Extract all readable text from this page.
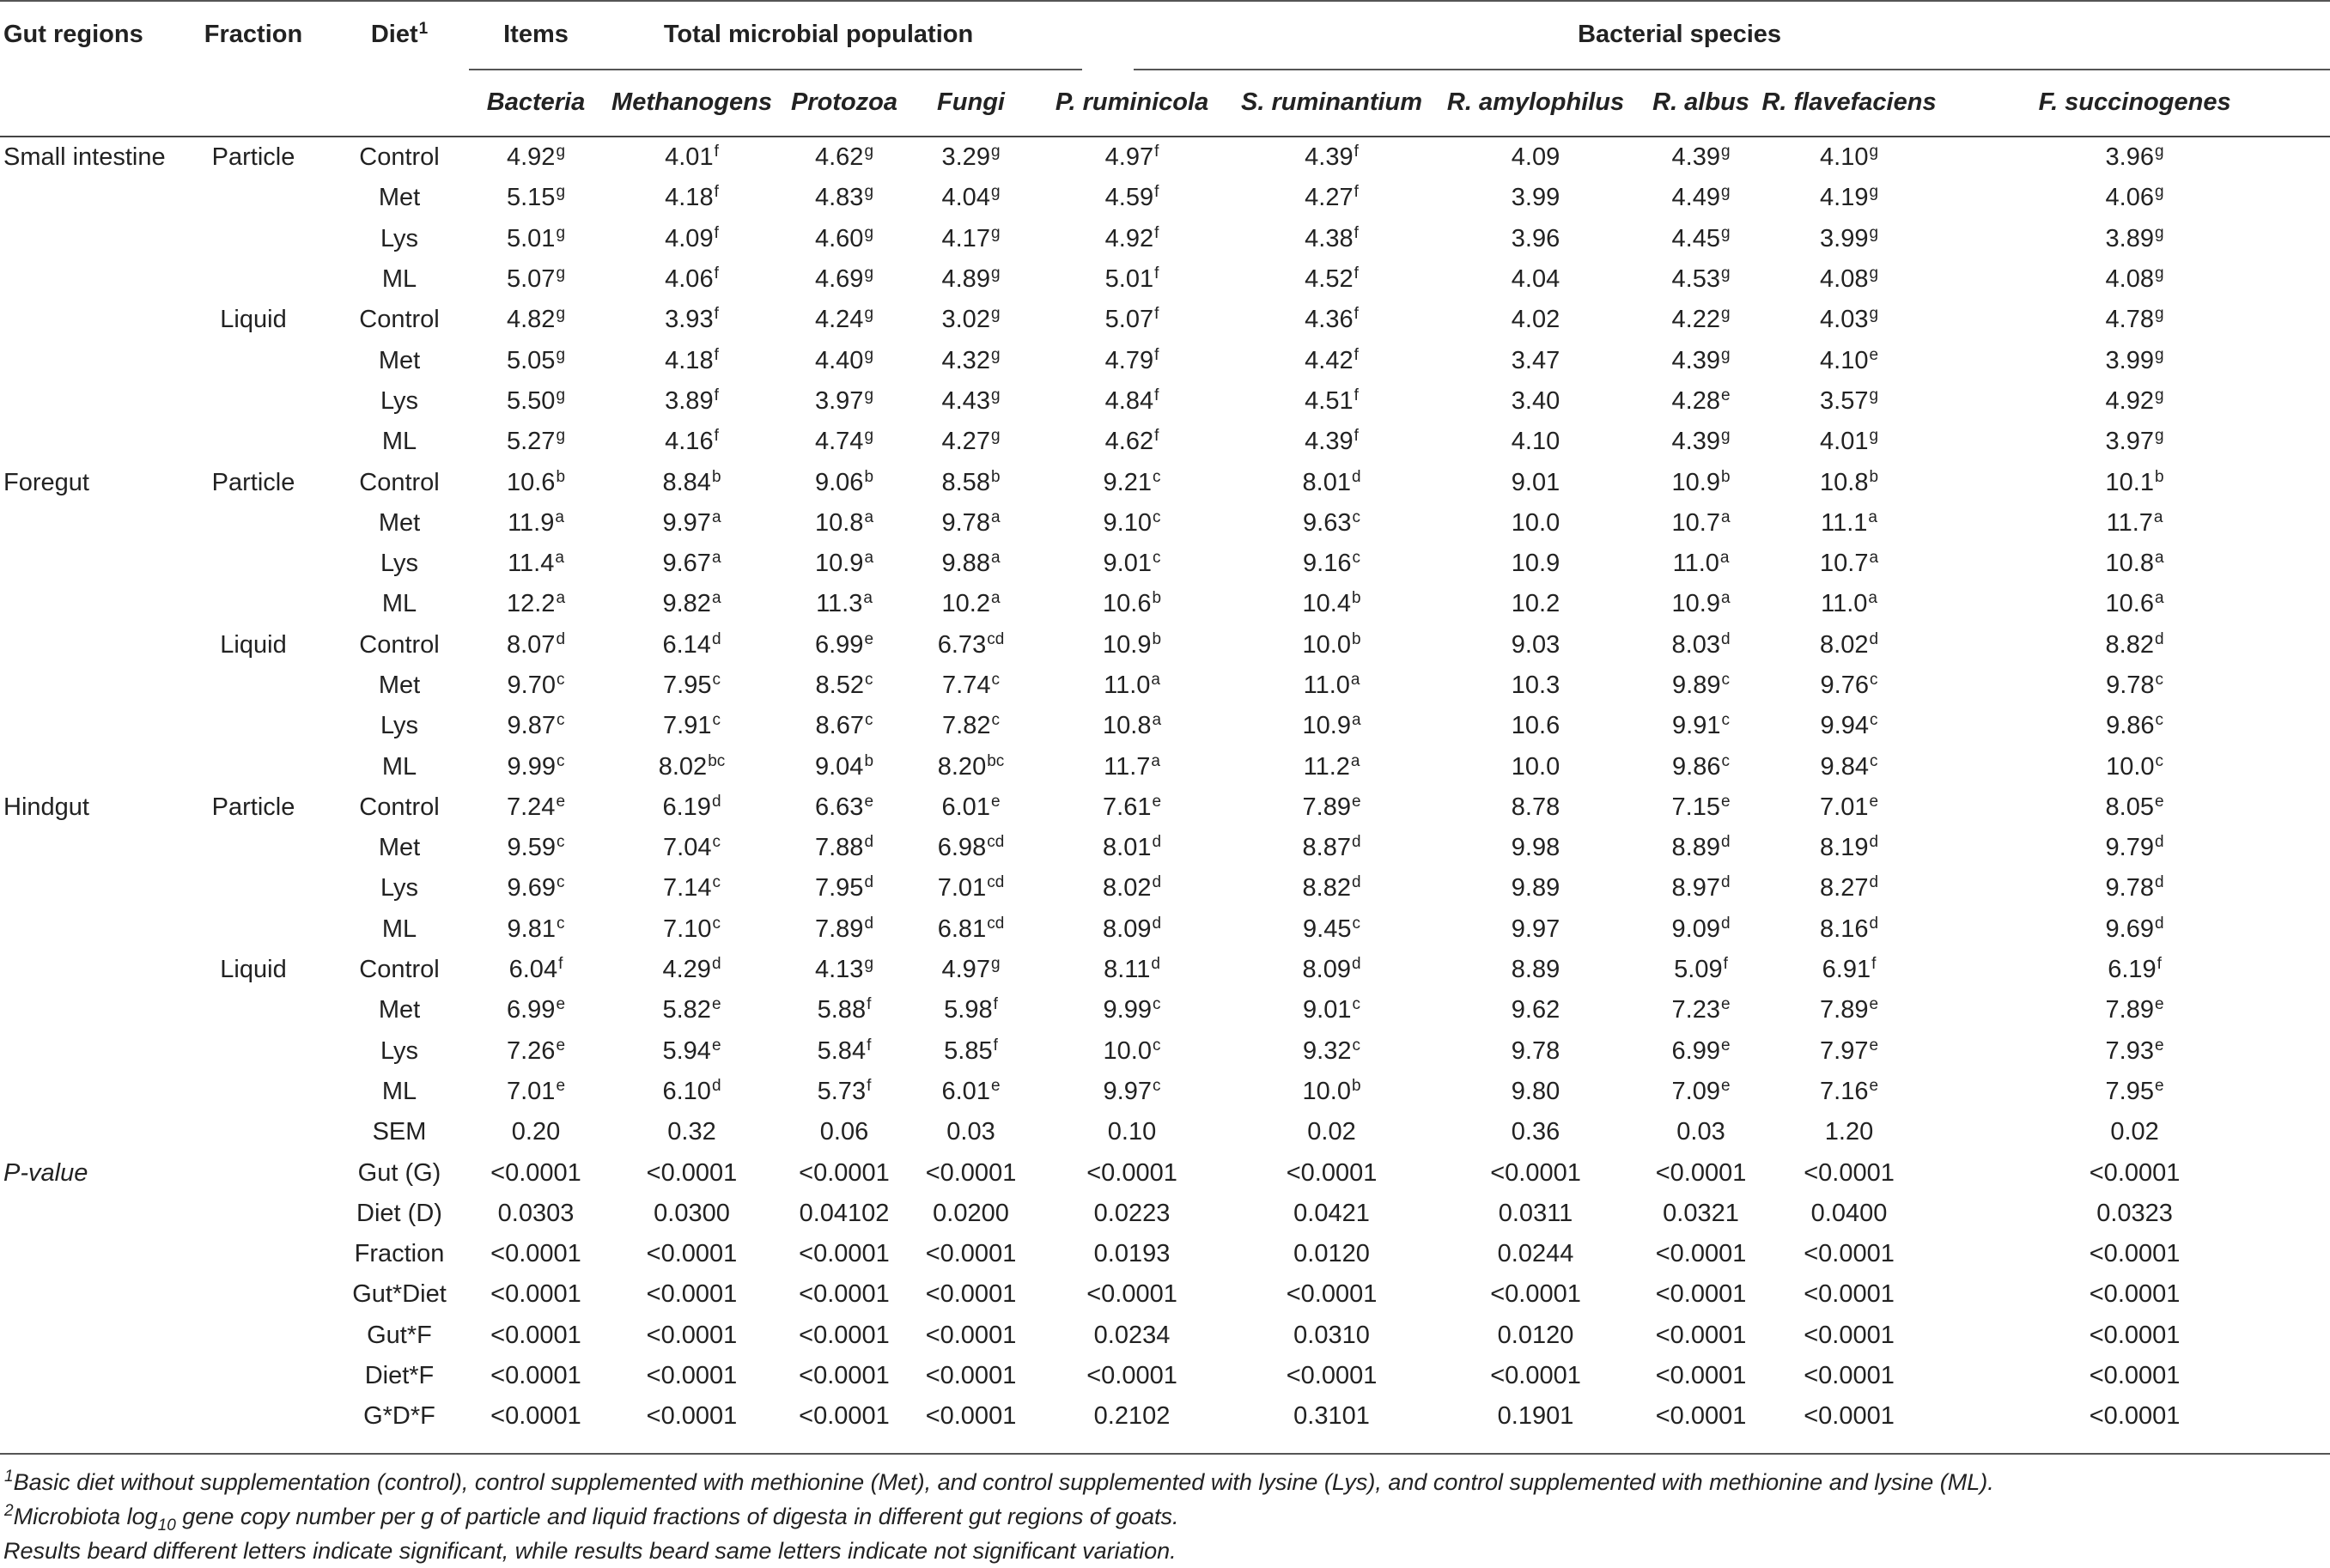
Gut regions	Fraction	Diet$^1$	Items	Total microbial population			Bacterial species					
			Bacteria	Methanogens	Protozoa	Fungi	P. ruminicola	S. ruminantium	R. amylophilus	R. albus	R. flavefaciens	F. succinogenes
Small intestine	Particle	Control	4.92$^g$	4.01$^f$	4.62$^g$	3.29$^g$	4.97$^f$	4.39$^f$	4.09	4.39$^g$	4.10$^g$	3.96$^g$
		Met	5.15$^g$	4.18$^f$	4.83$^g$	4.04$^g$	4.59$^f$	4.27$^f$	3.99	4.49$^g$	4.19$^g$	4.06$^g$
		Lys	5.01$^g$	4.09$^f$	4.60$^g$	4.17$^g$	4.92$^f$	4.38$^f$	3.96	4.45$^g$	3.99$^g$	3.89$^g$
		ML	5.07$^g$	4.06$^f$	4.69$^g$	4.89$^g$	5.01$^f$	4.52$^f$	4.04	4.53$^g$	4.08$^g$	4.08$^g$
	Liquid	Control	4.82$^g$	3.93$^f$	4.24$^g$	3.02$^g$	5.07$^f$	4.36$^f$	4.02	4.22$^g$	4.03$^g$	4.78$^g$
		Met	5.05$^g$	4.18$^f$	4.40$^g$	4.32$^g$	4.79$^f$	4.42$^f$	3.47	4.39$^g$	4.10e	3.99$^g$
		Lys	5.50$^g$	3.89$^f$	3.97$^g$	4.43$^g$	4.84$^f$	4.51$^f$	3.40	4.28e	3.57$^g$	4.92$^g$
		ML	5.27$^g$	4.16$^f$	4.74$^g$	4.27$^g$	4.62$^f$	4.39$^f$	4.10	4.39$^g$	4.01$^g$	3.97$^g$
Foregut	Particle	Control	10.6$^b$	8.84$^b$	9.06$^b$	8.58$^b$	9.21$^c$	8.01$^d$	9.01	10.9$^b$	10.8$^b$	10.1$^b$
		Met	11.9$^a$	9.97$^a$	10.8$^a$	9.78$^a$	9.10$^c$	9.63$^c$	10.0	10.7$^a$	11.1$^a$	11.7$^a$
		Lys	11.4$^a$	9.67$^a$	10.9$^a$	9.88$^a$	9.01$^c$	9.16$^c$	10.9	11.0$^a$	10.7$^a$	10.8$^a$
		ML	12.2$^a$	9.82$^a$	11.3$^a$	10.2$^a$	10.6$^b$	10.4$^b$	10.2	10.9$^a$	11.0$^a$	10.6$^a$
	Liquid	Control	8.07$^d$	6.14$^d$	6.99e	6.73$^{cd}$	10.9$^b$	10.0$^b$	9.03	8.03$^d$	8.02$^d$	8.82$^d$
		Met	9.70$^c$	7.95$^c$	8.52$^c$	7.74$^c$	11.0$^a$	11.0$^a$	10.3	9.89$^c$	9.76$^c$	9.78$^c$
		Lys	9.87$^c$	7.91$^c$	8.67$^c$	7.82$^c$	10.8$^a$	10.9$^a$	10.6	9.91$^c$	9.94$^c$	9.86$^c$
		ML	9.99$^c$	8.02$^{bc}$	9.04$^b$	8.20$^{bc}$	11.7$^a$	11.2$^a$	10.0	9.86$^c$	9.84$^c$	10.0$^c$
Hindgut	Particle	Control	7.24e	6.19$^d$	6.63e	6.01e	7.61e	7.89e	8.78	7.15e	7.01e	8.05e
		Met	9.59$^c$	7.04$^c$	7.88$^d$	6.98$^{cd}$	8.01$^d$	8.87$^d$	9.98	8.89$^d$	8.19$^d$	9.79$^d$
		Lys	9.69$^c$	7.14$^c$	7.95$^d$	7.01$^{cd}$	8.02$^d$	8.82$^d$	9.89	8.97$^d$	8.27$^d$	9.78$^d$
		ML	9.81$^c$	7.10$^c$	7.89$^d$	6.81$^{cd}$	8.09$^d$	9.45$^c$	9.97	9.09$^d$	8.16$^d$	9.69$^d$
	Liquid	Control	6.04$^f$	4.29$^d$	4.13$^g$	4.97$^g$	8.11$^d$	8.09$^d$	8.89	5.09$^f$	6.91$^f$	6.19$^f$
		Met	6.99e	5.82e	5.88$^f$	5.98$^f$	9.99$^c$	9.01$^c$	9.62	7.23e	7.89e	7.89e
		Lys	7.26e	5.94e	5.84$^f$	5.85$^f$	10.0$^c$	9.32$^c$	9.78	6.99e	7.97e	7.93e
		ML	7.01e	6.10$^d$	5.73$^f$	6.01e	9.97$^c$	10.0$^b$	9.80	7.09e	7.16e	7.95e
		SEM	0.20	0.32	0.06	0.03	0.10	0.02	0.36	0.03	1.20	0.02
P-value		Gut (G)	<0.0001	<0.0001	<0.0001	<0.0001	<0.0001	<0.0001	<0.0001	<0.0001	<0.0001	<0.0001
		Diet (D)	0.0303	0.0300	0.04102	0.0200	0.0223	0.0421	0.0311	0.0321	0.0400	0.0323
		Fraction	<0.0001	<0.0001	<0.0001	<0.0001	0.0193	0.0120	0.0244	<0.0001	<0.0001	<0.0001
		Gut*Diet	<0.0001	<0.0001	<0.0001	<0.0001	<0.0001	<0.0001	<0.0001	<0.0001	<0.0001	<0.0001
		Gut*F	<0.0001	<0.0001	<0.0001	<0.0001	0.0234	0.0310	0.0120	<0.0001	<0.0001	<0.0001
		Diet*F	<0.0001	<0.0001	<0.0001	<0.0001	<0.0001	<0.0001	<0.0001	<0.0001	<0.0001	<0.0001
		G*D*F	<0.0001	<0.0001	<0.0001	<0.0001	0.2102	0.3101	0.1901	<0.0001	<0.0001	<0.0001
$^1$Basic diet without supplementation (control), control supplemented with methionine (Met), and control supplemented with lysine (Lys), and control supplemented with methionine and lysine (ML).
$^2$Microbiota $\log_{10}$ gene copy number per g of particle and liquid fractions of digesta in different gut regions of goats.
Results beard different letters indicate significant, while results beard same letters indicate not significant variation.
